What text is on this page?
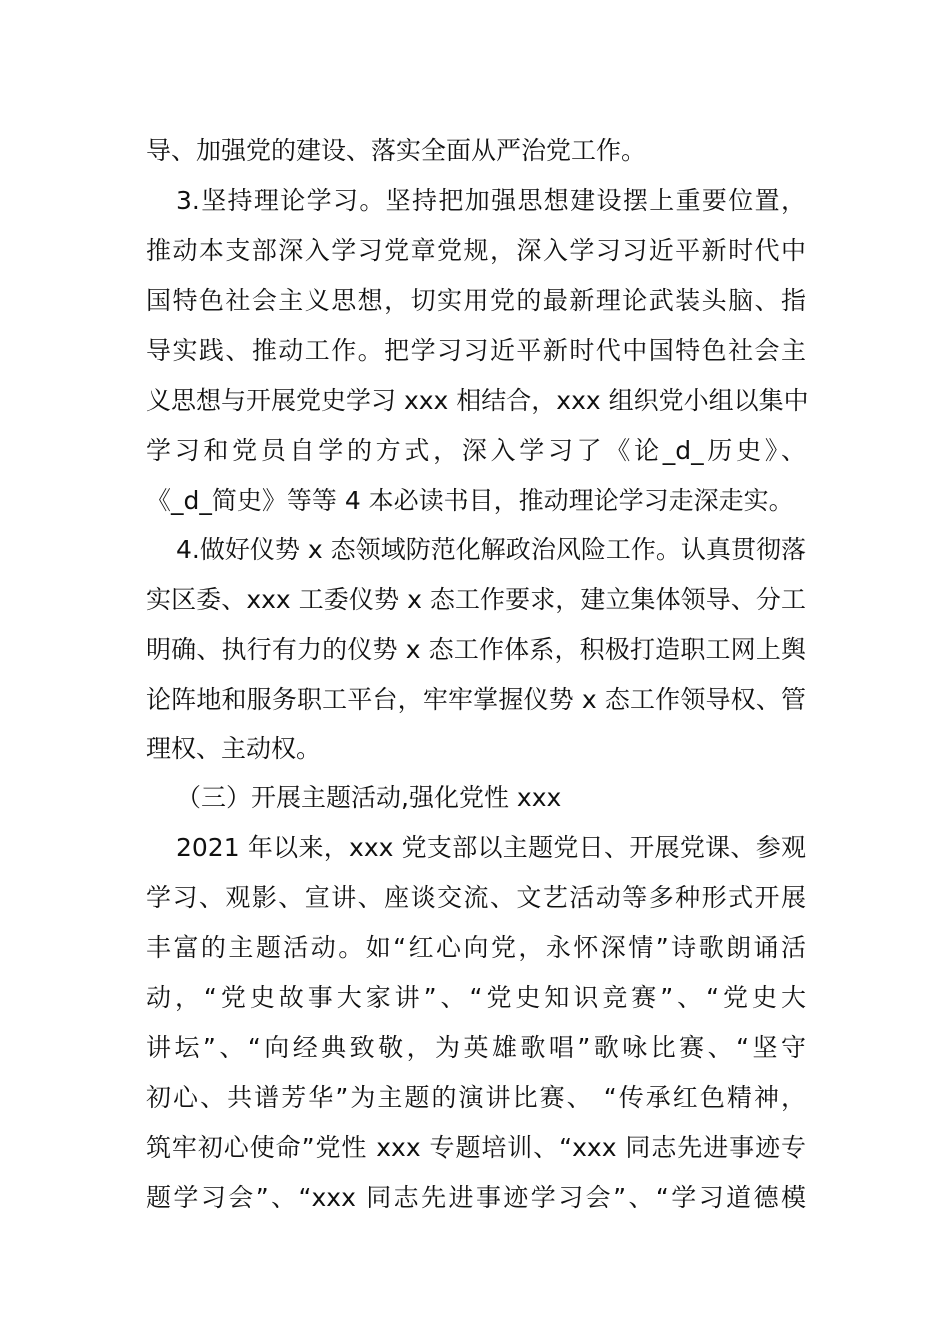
导、加强党的建设、落实全面从严治党工作。
3.坚持理论学习。坚持把加强思想建设摆上重要位置，
推动本支部深入学习党章党规，深入学习习近平新时代中
国特色社会主义思想，切实用党的最新理论武装头脑、指
导实践、推动工作。把学习习近平新时代中国特色社会主
义思想与开展党史学习 xxx 相结合，xxx 组织党小组以集中
学习和党员自学的方式，深入学习了《论_d_历史》、
《_d_简史》等等 4 本必读书目，推动理论学习走深走实。
4.做好仪势 x 态领域防范化解政治风险工作。认真贯彻落
实区委、xxx 工委仪势 x 态工作要求，建立集体领导、分工
明确、执行有力的仪势 x 态工作体系，积极打造职工网上舆
论阵地和服务职工平台，牢牢掌握仪势 x 态工作领导权、管
理权、主动权。
（三）开展主题活动,强化党性 xxx
2021 年以来，xxx 党支部以主题党日、开展党课、参观
学习、观影、宣讲、座谈交流、文艺活动等多种形式开展
丰富的主题活动。如“红心向党，永怀深情”诗歌朗诵活
动，“党史故事大家讲”、“党史知识竞赛”、“党史大
讲坛”、“向经典致敬，为英雄歌唱”歌咏比赛、“坚守
初心、共谱芳华”为主题的演讲比赛、 “传承红色精神，
筑牢初心使命”党性 xxx 专题培训、“xxx 同志先进事迹专
题学习会”、“xxx 同志先进事迹学习会”、“学习道德模
